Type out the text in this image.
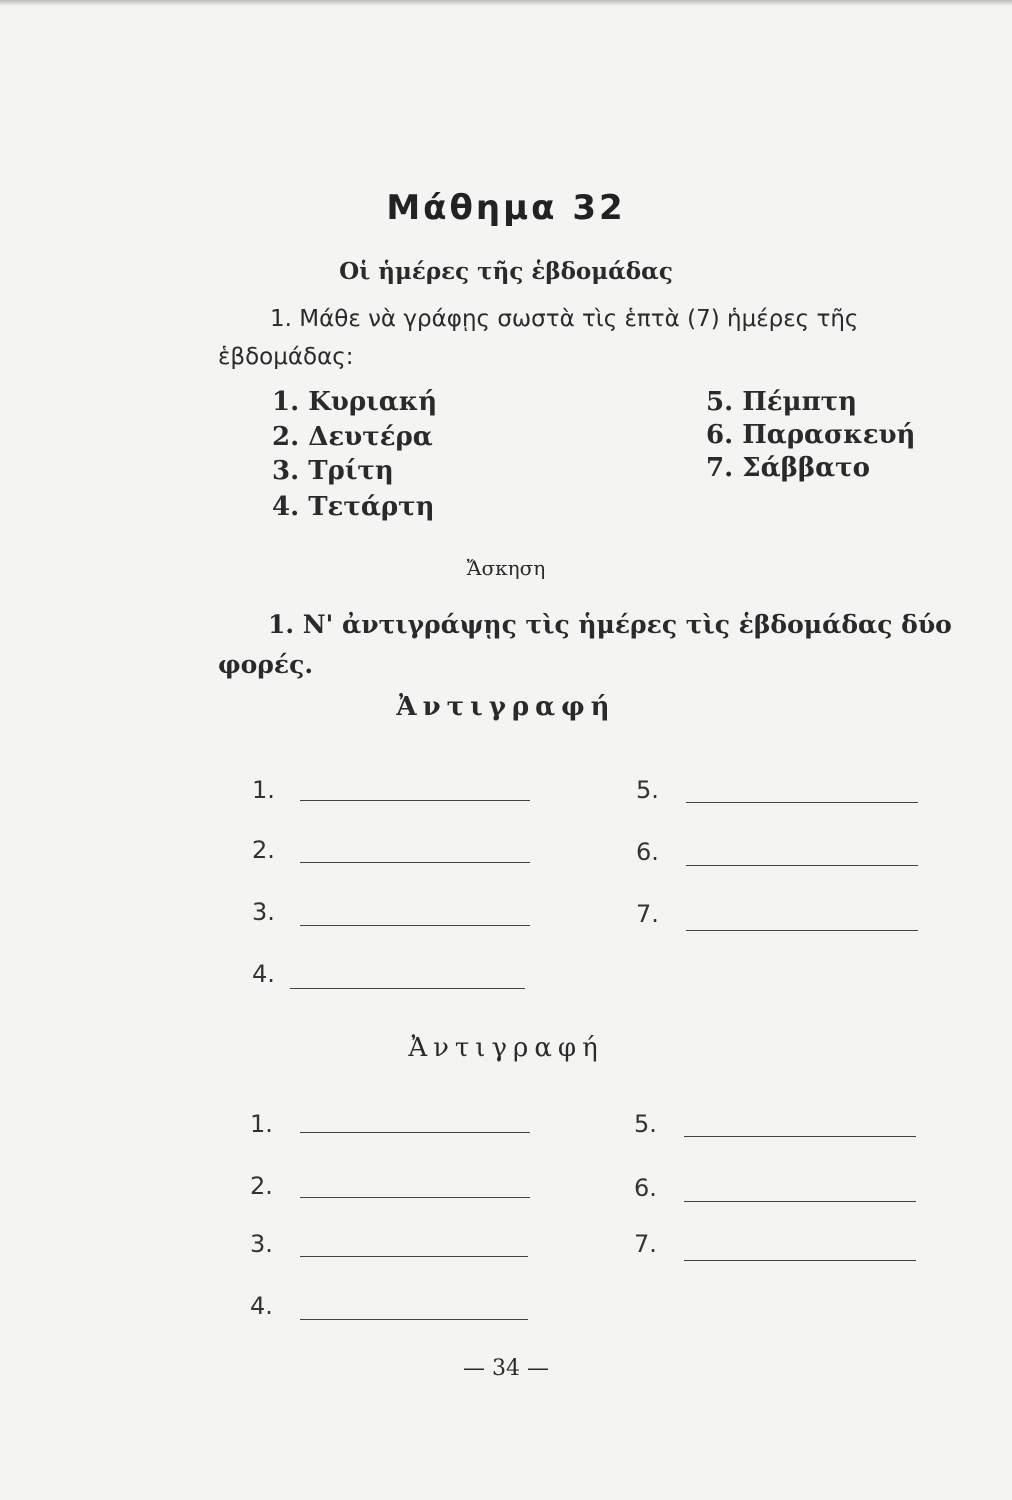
Μάθημα 32
Οἱ ἡμέρες τῆς ἑβδομάδας
1. Μάθε νὰ γράφῃς σωστὰ τὶς ἑπτὰ (7) ἡμέρες τῆς
ἑβδομάδας:
1. Κυριακή
2. Δευτέρα
3. Τρίτη
4. Τετάρτη
5. Πέμπτη
6. Παρασκευή
7. Σάββατο
Ἄσκηση
1. Ν' ἀντιγράψῃς τὶς ἡμέρες τὶς ἑβδομάδας δύο
φορές.
Ἀντιγραφή
1.
2.
3.
4.
5.
6.
7.
Ἀντιγραφή
1.
2.
3.
4.
5.
6.
7.
— 34 —
